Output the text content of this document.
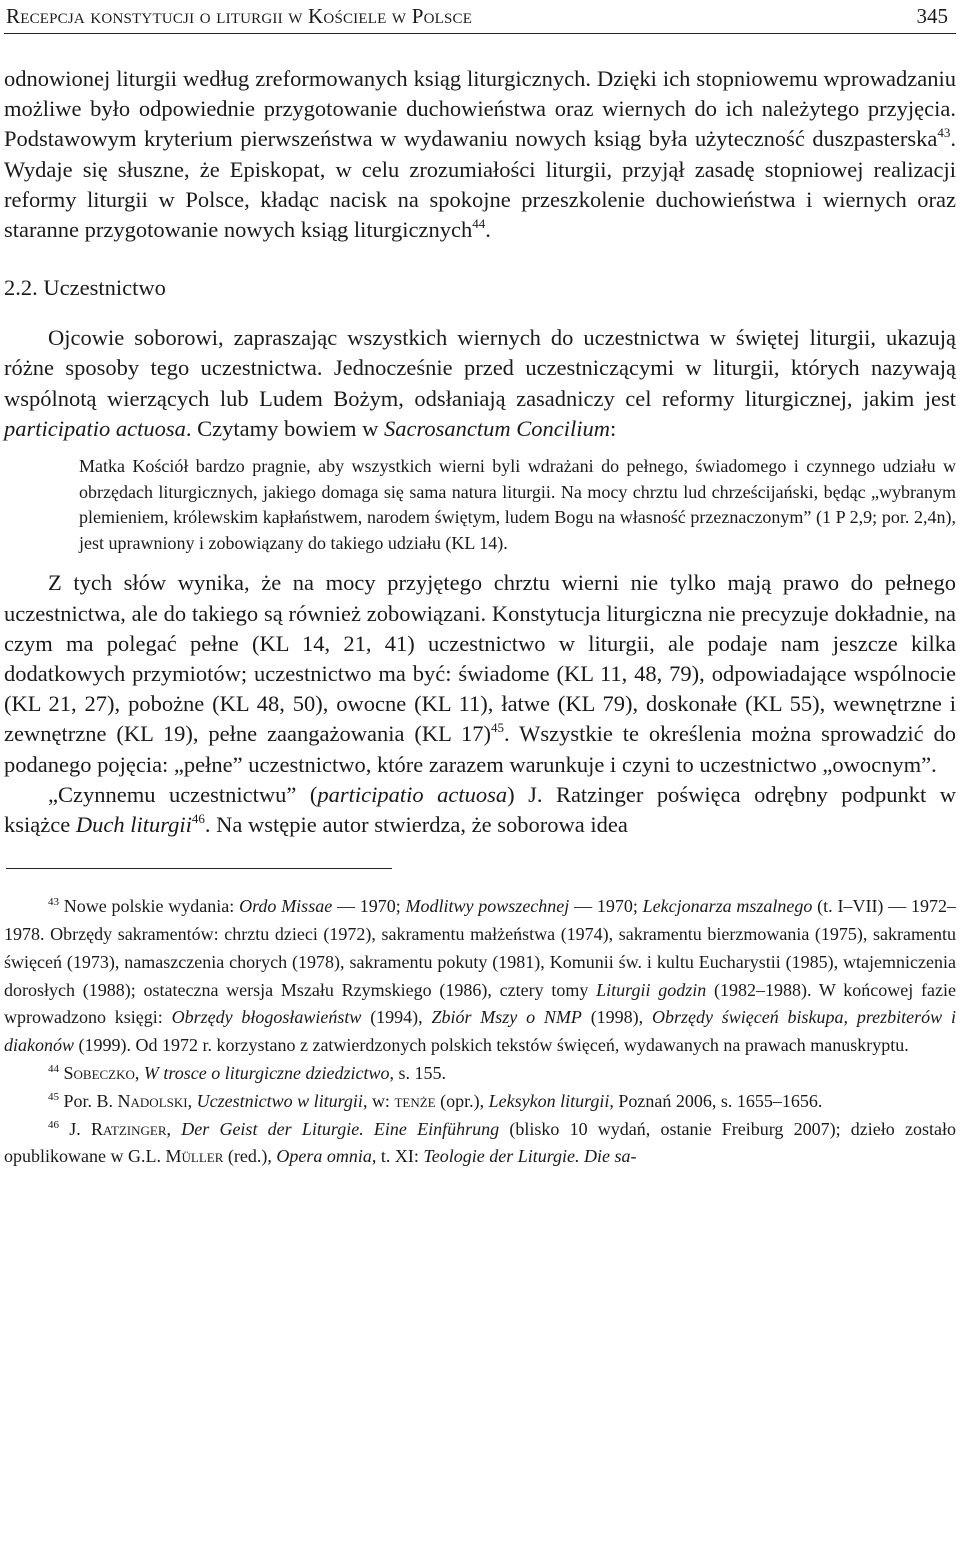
Recepcja konstytucji o liturgii w Kościele w Polsce	345

odnowionej liturgii według zreformowanych ksiąg liturgicznych. Dzięki ich stopniowemu wprowadzaniu możliwe było odpowiednie przygotowanie duchowieństwa oraz wiernych do ich należytego przyjęcia. Podstawowym kryterium pierwszeństwa w wydawaniu nowych ksiąg była użyteczność duszpasterska$^{43}$. Wydaje się słuszne, że Episkopat, w celu zrozumiałości liturgii, przyjął zasadę stopniowej realizacji reformy liturgii w Polsce, kładąc nacisk na spokojne przeszkolenie duchowieństwa i wiernych oraz staranne przygotowanie nowych ksiąg liturgicznych$^{44}$.

2.2. Uczestnictwo

Ojcowie soborowi, zapraszając wszystkich wiernych do uczestnictwa w świętej liturgii, ukazują różne sposoby tego uczestnictwa. Jednocześnie przed uczestniczącymi w liturgii, których nazywają wspólnotą wierzących lub Ludem Bożym, odsłaniają zasadniczy cel reformy liturgicznej, jakim jest participatio actuosa. Czytamy bowiem w Sacrosanctum Concilium:

Matka Kościół bardzo pragnie, aby wszystkich wierni byli wdrażani do pełnego, świadomego i czynnego udziału w obrzędach liturgicznych, jakiego domaga się sama natura liturgii. Na mocy chrztu lud chrześcijański, będąc „wybranym plemieniem, królewskim kapłaństwem, narodem świętym, ludem Bogu na własność przeznaczonym” (1 P 2,9; por. 2,4n), jest uprawniony i zobowiązany do takiego udziału (KL 14).

Z tych słów wynika, że na mocy przyjętego chrztu wierni nie tylko mają prawo do pełnego uczestnictwa, ale do takiego są również zobowiązani. Konstytucja liturgiczna nie precyzuje dokładnie, na czym ma polegać pełne (KL 14, 21, 41) uczestnictwo w liturgii, ale podaje nam jeszcze kilka dodatkowych przymiotów; uczestnictwo ma być: świadome (KL 11, 48, 79), odpowiadające wspólnocie (KL 21, 27), pobożne (KL 48, 50), owocne (KL 11), łatwe (KL 79), doskonałe (KL 55), wewnętrzne i zewnętrzne (KL 19), pełne zaangażowania (KL 17)$^{45}$. Wszystkie te określenia można sprowadzić do podanego pojęcia: „pełne” uczestnictwo, które zarazem warunkuje i czyni to uczestnictwo „owocnym”.

„Czynnemu uczestnictwu” (participatio actuosa) J. Ratzinger poświęca odrębny podpunkt w książce Duch liturgii$^{46}$. Na wstępie autor stwierdza, że soborowa idea

$^{43}$ Nowe polskie wydania: Ordo Missae — 1970; Modlitwy powszechnej — 1970; Lekcjonarza mszalnego (t. I–VII) — 1972–1978. Obrzędy sakramentów: chrztu dzieci (1972), sakramentu małżeństwa (1974), sakramentu bierzmowania (1975), sakramentu święceń (1973), namaszczenia chorych (1978), sakramentu pokuty (1981), Komunii św. i kultu Eucharystii (1985), wtajemniczenia dorosłych (1988); ostateczna wersja Mszału Rzymskiego (1986), cztery tomy Liturgii godzin (1982–1988). W końcowej fazie wprowadzono księgi: Obrzędy błogosławieństw (1994), Zbiór Mszy o NMP (1998), Obrzędy święceń biskupa, prezbiterów i diakonów (1999). Od 1972 r. korzystano z zatwierdzonych polskich tekstów święceń, wydawanych na prawach manuskryptu.

$^{44}$ Sobeczko, W trosce o liturgiczne dziedzictwo, s. 155.

$^{45}$ Por. B. Nadolski, Uczestnictwo w liturgii, w: tenże (opr.), Leksykon liturgii, Poznań 2006, s. 1655–1656.

$^{46}$ J. Ratzinger, Der Geist der Liturgie. Eine Einführung (blisko 10 wydań, ostanie Freiburg 2007); dzieło zostało opublikowane w G.L. Müller (red.), Opera omnia, t. XI: Teologie der Liturgie. Die sa-
